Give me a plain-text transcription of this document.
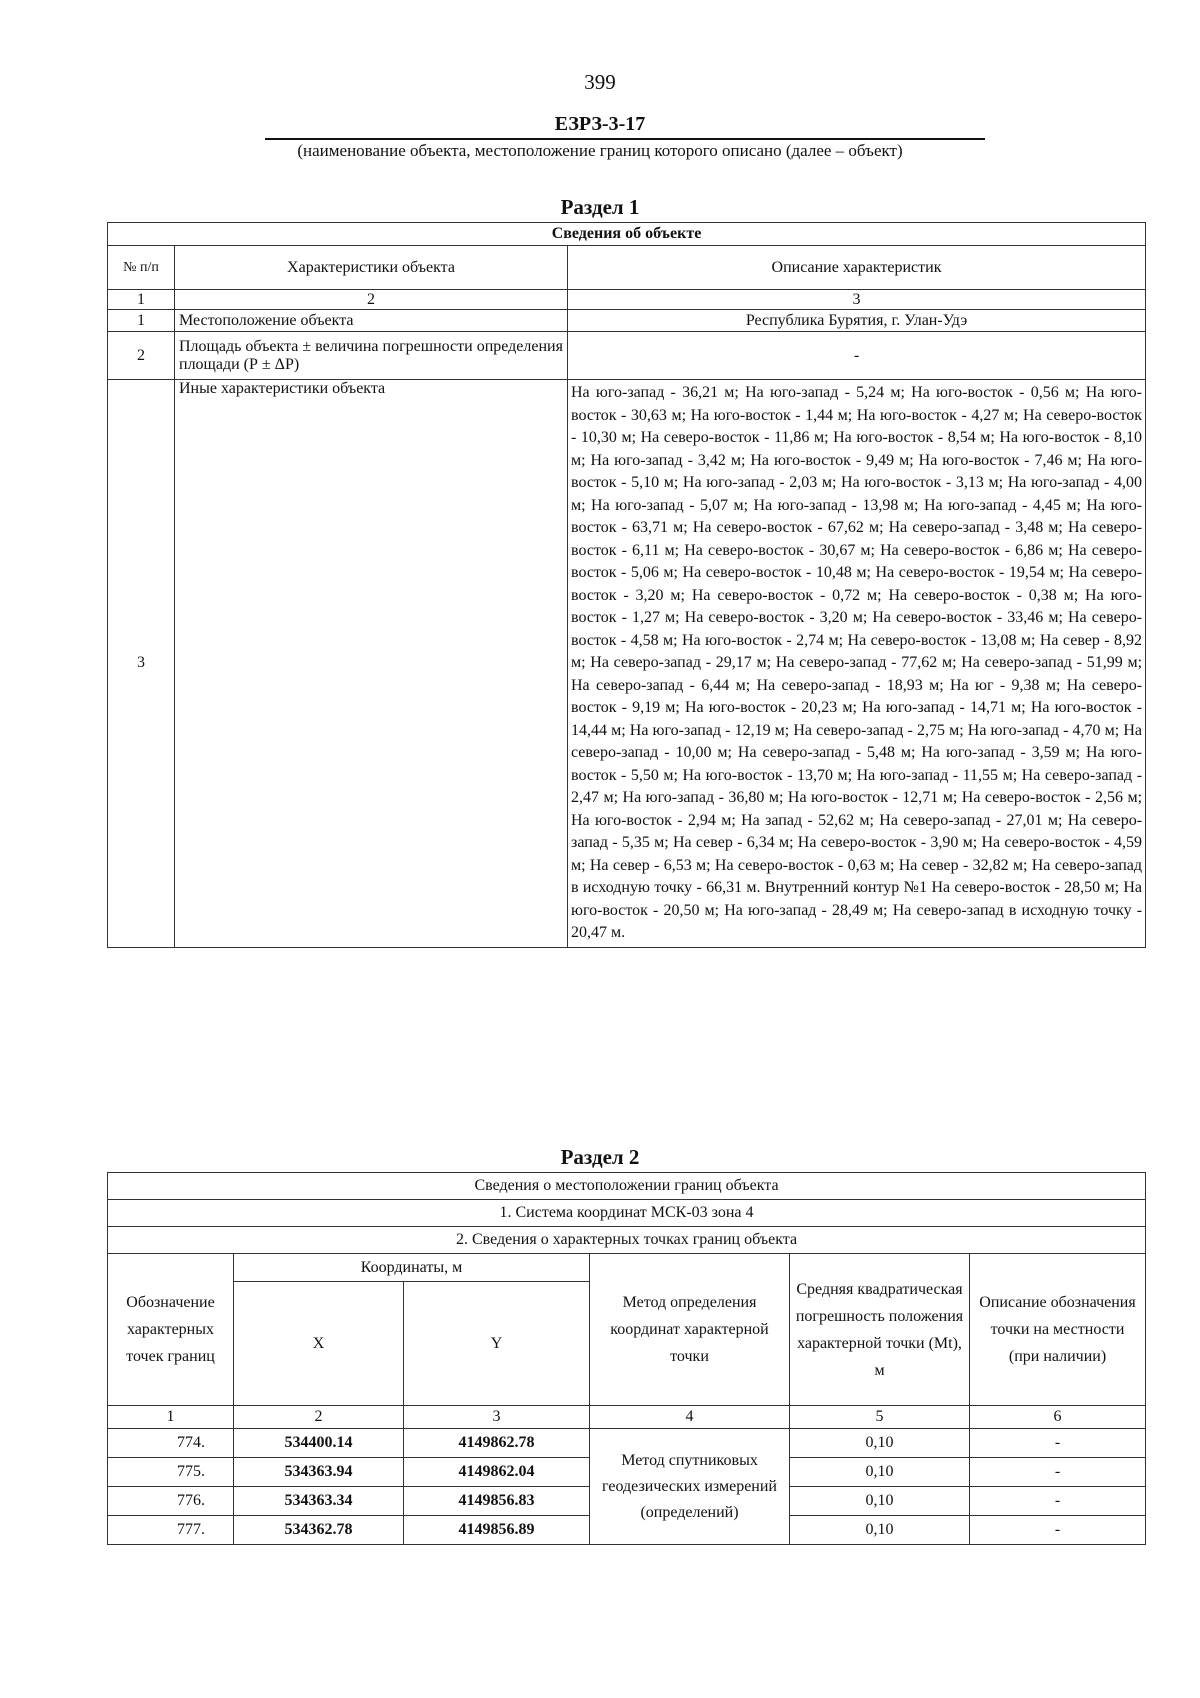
399
ЕЗРЗ-3-17
(наименование объекта, местоположение границ которого описано (далее – объект)
Раздел 1
Сведения об объекте		
№ п/п	Характеристики объекта	Описание характеристик
1	2	3
1	Местоположение объекта	Республика Бурятия, г. Улан-Удэ
2	Площадь объекта ± величина погрешности определения площади (Р ± ΔР)	-
3	Иные характеристики объекта	На юго-запад - 36,21 м; На юго-запад - 5,24 м; На юго-восток - 0,56 м; На юго-восток - 30,63 м; На юго-восток - 1,44 м; На юго-восток - 4,27 м; На северо-восток - 10,30 м; На северо-восток - 11,86 м; На юго-восток - 8,54 м; На юго-восток - 8,10 м; На юго-запад - 3,42 м; На юго-восток - 9,49 м; На юго-восток - 7,46 м; На юго-восток - 5,10 м; На юго-запад - 2,03 м; На юго-восток - 3,13 м; На юго-запад - 4,00 м; На юго-запад - 5,07 м; На юго-запад - 13,98 м; На юго-запад - 4,45 м; На юго-восток - 63,71 м; На северо-восток - 67,62 м; На северо-запад - 3,48 м; На северо-восток - 6,11 м; На северо-восток - 30,67 м; На северо-восток - 6,86 м; На северо-восток - 5,06 м; На северо-восток - 10,48 м; На северо-восток - 19,54 м; На северо-восток - 3,20 м; На северо-восток - 0,72 м; На северо-восток - 0,38 м; На юго-восток - 1,27 м; На северо-восток - 3,20 м; На северо-восток - 33,46 м; На северо-восток - 4,58 м; На юго-восток - 2,74 м; На северо-восток - 13,08 м; На север - 8,92 м; На северо-запад - 29,17 м; На северо-запад - 77,62 м; На северо-запад - 51,99 м; На северо-запад - 6,44 м; На северо-запад - 18,93 м; На юг - 9,38 м; На северо-восток - 9,19 м; На юго-восток - 20,23 м; На юго-запад - 14,71 м; На юго-восток - 14,44 м; На юго-запад - 12,19 м; На северо-запад - 2,75 м; На юго-запад - 4,70 м; На северо-запад - 10,00 м; На северо-запад - 5,48 м; На юго-запад - 3,59 м; На юго-восток - 5,50 м; На юго-восток - 13,70 м; На юго-запад - 11,55 м; На северо-запад - 2,47 м; На юго-запад - 36,80 м; На юго-восток - 12,71 м; На северо-восток - 2,56 м; На юго-восток - 2,94 м; На запад - 52,62 м; На северо-запад - 27,01 м; На северо-запад - 5,35 м; На север - 6,34 м; На северо-восток - 3,90 м; На северо-восток - 4,59 м; На север - 6,53 м; На северо-восток - 0,63 м; На север - 32,82 м; На северо-запад в исходную точку - 66,31 м. Внутренний контур №1 На северо-восток - 28,50 м; На юго-восток - 20,50 м; На юго-запад - 28,49 м; На северо-запад в исходную точку - 20,47 м.
Раздел 2
Сведения о местоположении границ объекта					
1. Система координат МСК-03 зона 4					
2. Сведения о характерных точках границ объекта					
Обозначение характерных точек границ	Координаты, м		Метод определения координат характерной точки	Средняя квадратическая погрешность положения характерной точки (Mt), м	Описание обозначения точки на местности (при наличии)
	X	Y			
1	2	3	4	5	6
774.	534400.14	4149862.78	Метод спутниковых геодезических измерений (определений)	0,10	-
775.	534363.94	4149862.04		0,10	-
776.	534363.34	4149856.83		0,10	-
777.	534362.78	4149856.89		0,10	-
